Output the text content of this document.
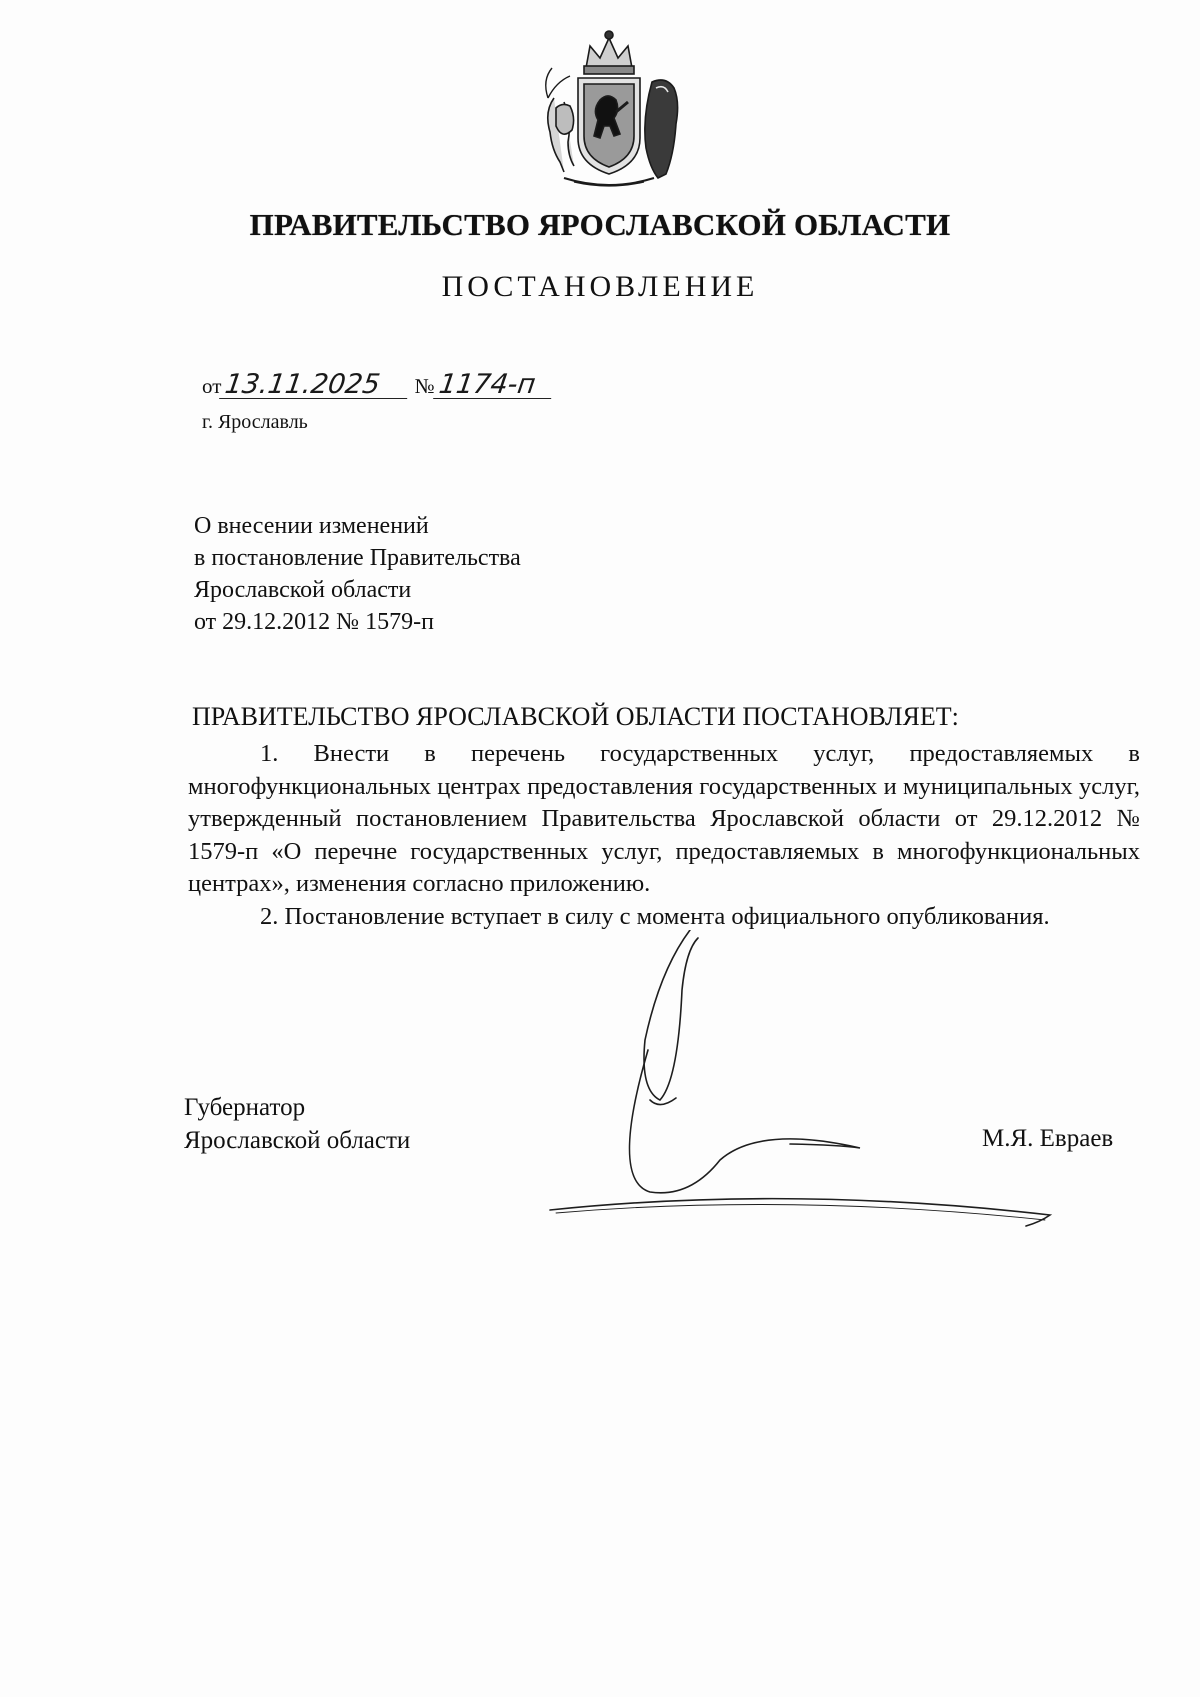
ПРАВИТЕЛЬСТВО ЯРОСЛАВСКОЙ ОБЛАСТИ
ПОСТАНОВЛЕНИЕ
от13.11.2025 №1174-п
г. Ярославль
О внесении изменений
в постановление Правительства
Ярославской области
от 29.12.2012 № 1579-п
ПРАВИТЕЛЬСТВО ЯРОСЛАВСКОЙ ОБЛАСТИ ПОСТАНОВЛЯЕТ:

1. Внести в перечень государственных услуг, предоставляемых в многофункциональных центрах предоставления государственных и муниципальных услуг, утвержденный постановлением Правительства Ярославской области от 29.12.2012 № 1579-п «О перечне государственных услуг, предоставляемых в многофункциональных центрах», изменения согласно приложению.

2. Постановление вступает в силу с момента официального опубликования.

Губернатор
Ярославской области	М.Я. Евраев
